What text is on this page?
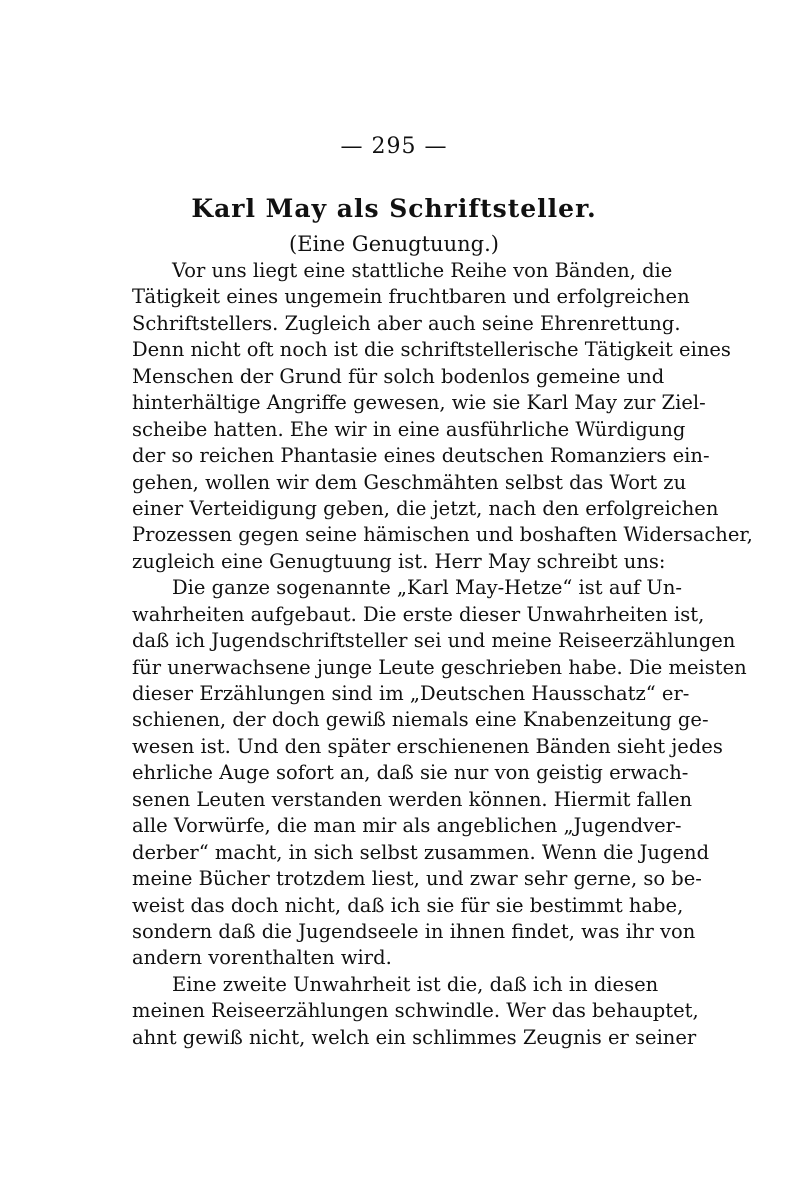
— 295 —
Karl May als Schriftsteller.
(Eine Genugtuung.)
Vor uns liegt eine stattliche Reihe von Bänden, die
Tätigkeit eines ungemein fruchtbaren und erfolgreichen
Schriftstellers. Zugleich aber auch seine Ehrenrettung.
Denn nicht oft noch ist die schriftstellerische Tätigkeit eines
Menschen der Grund für solch bodenlos gemeine und
hinterhältige Angriffe gewesen, wie sie Karl May zur Ziel-
scheibe hatten. Ehe wir in eine ausführliche Würdigung
der so reichen Phantasie eines deutschen Romanziers ein-
gehen, wollen wir dem Geschmähten selbst das Wort zu
einer Verteidigung geben, die jetzt, nach den erfolgreichen
Prozessen gegen seine hämischen und boshaften Widersacher,
zugleich eine Genugtuung ist. Herr May schreibt uns:
Die ganze sogenannte „Karl May-Hetze“ ist auf Un-
wahrheiten aufgebaut. Die erste dieser Unwahrheiten ist,
daß ich Jugendschriftsteller sei und meine Reiseerzählungen
für unerwachsene junge Leute geschrieben habe. Die meisten
dieser Erzählungen sind im „Deutschen Hausschatz“ er-
schienen, der doch gewiß niemals eine Knabenzeitung ge-
wesen ist. Und den später erschienenen Bänden sieht jedes
ehrliche Auge sofort an, daß sie nur von geistig erwach-
senen Leuten verstanden werden können. Hiermit fallen
alle Vorwürfe, die man mir als angeblichen „Jugendver-
derber“ macht, in sich selbst zusammen. Wenn die Jugend
meine Bücher trotzdem liest, und zwar sehr gerne, so be-
weist das doch nicht, daß ich sie für sie bestimmt habe,
sondern daß die Jugendseele in ihnen findet, was ihr von
andern vorenthalten wird.
Eine zweite Unwahrheit ist die, daß ich in diesen
meinen Reiseerzählungen schwindle. Wer das behauptet,
ahnt gewiß nicht, welch ein schlimmes Zeugnis er seiner
